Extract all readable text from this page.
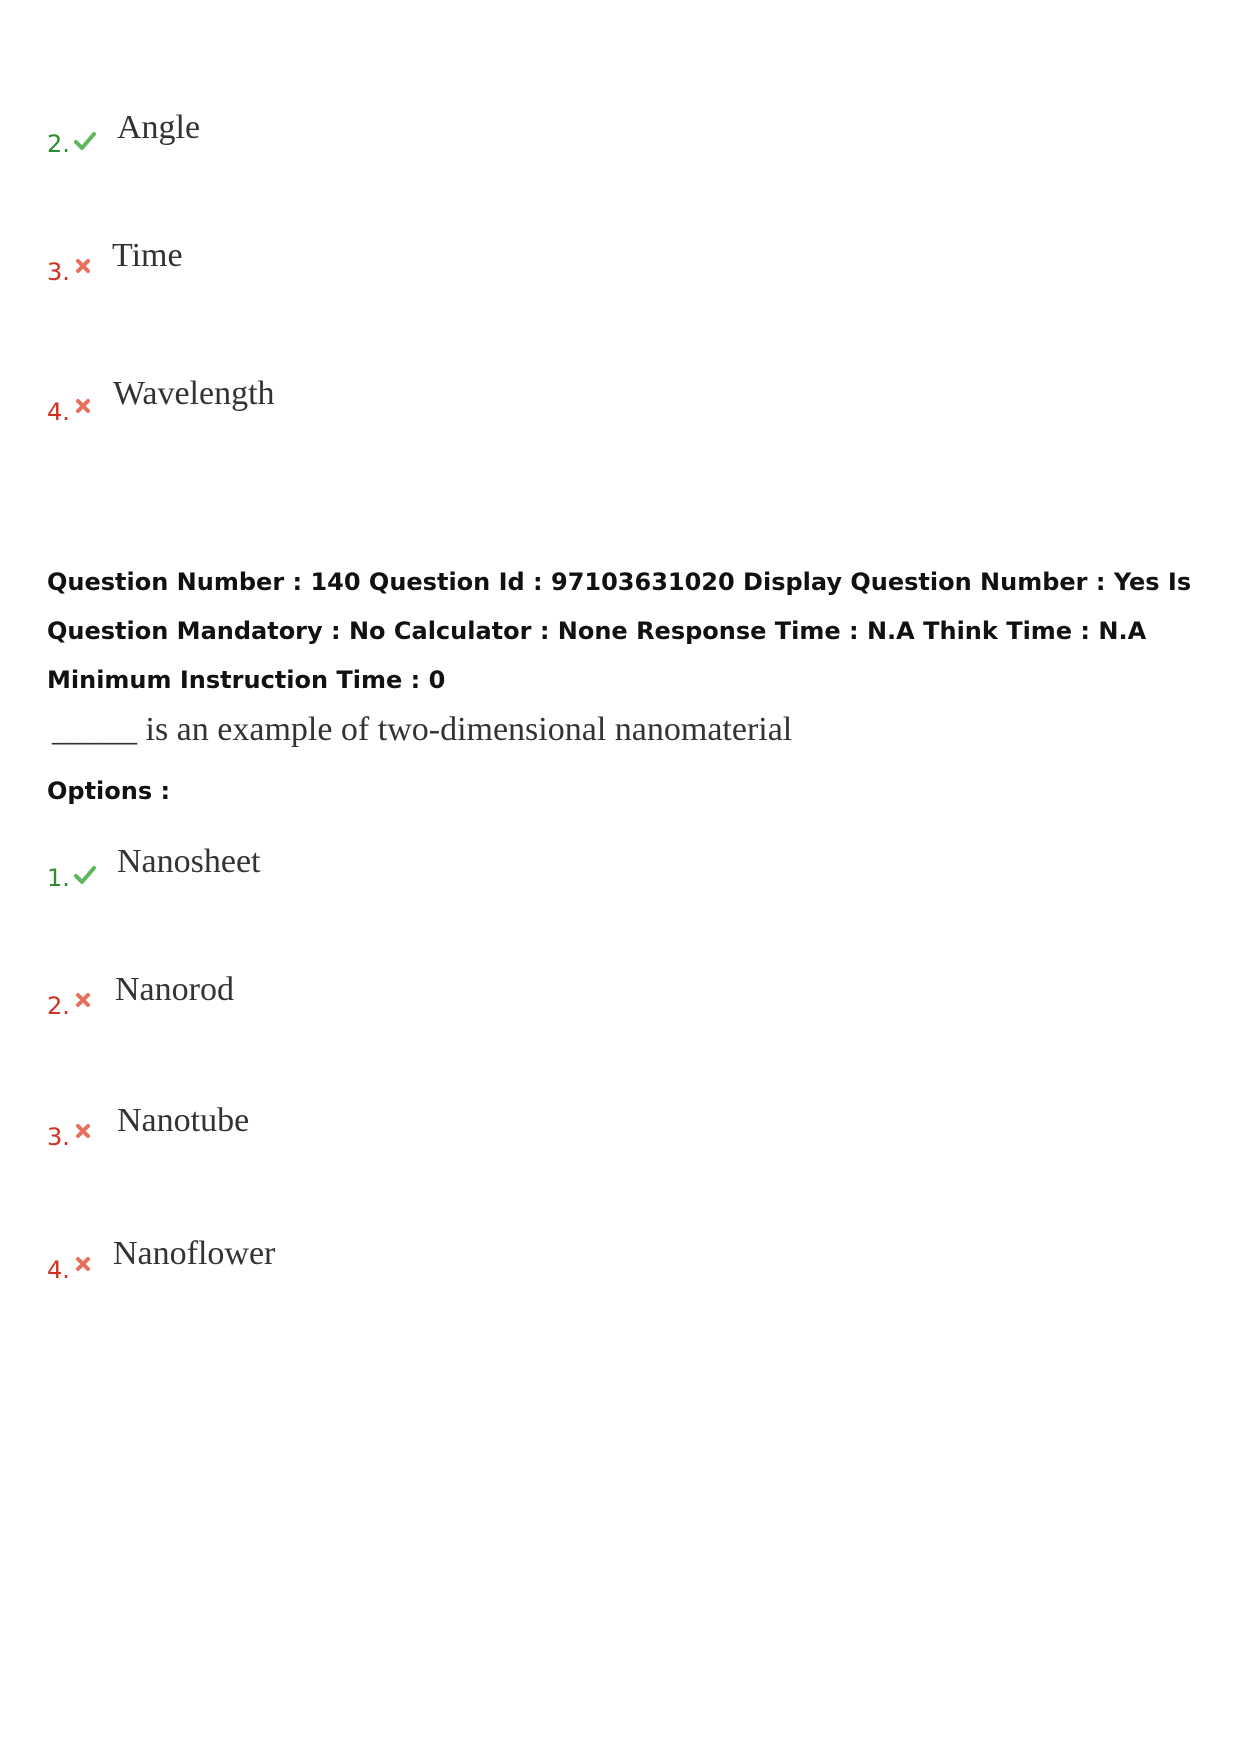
2. Angle
3. Time
4. Wavelength
Question Number : 140 Question Id : 97103631020 Display Question Number : Yes Is Question Mandatory : No Calculator : None Response Time : N.A Think Time : N.A Minimum Instruction Time : 0
_____ is an example of two-dimensional nanomaterial
Options :
1. Nanosheet
2. Nanorod
3. Nanotube
4. Nanoflower
